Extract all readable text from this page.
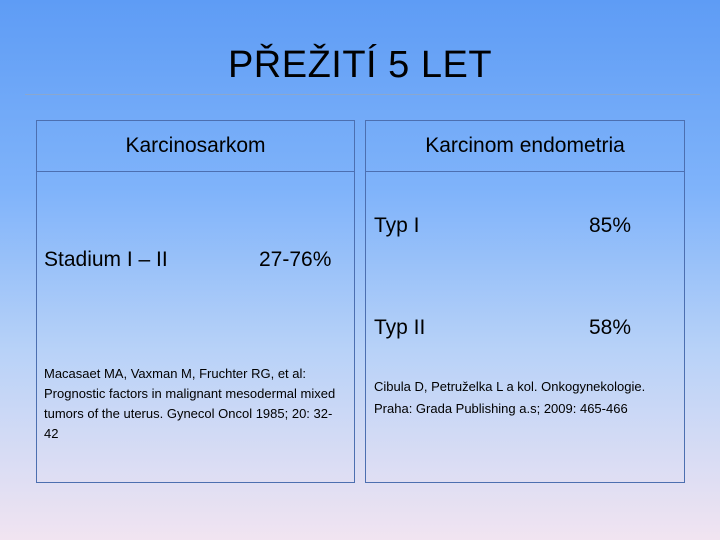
PŘEŽITÍ 5 LET
Karcinosarkom
Stadium I – II	27-76%
Macasaet MA, Vaxman M, Fruchter RG, et al: Prognostic factors in malignant mesodermal mixed tumors of the uterus. Gynecol Oncol 1985; 20: 32-42
Karcinom endometria
Typ I	85%
Typ II	58%
Cibula D, Petruželka L a kol. Onkogynekologie. Praha: Grada Publishing a.s; 2009: 465-466
